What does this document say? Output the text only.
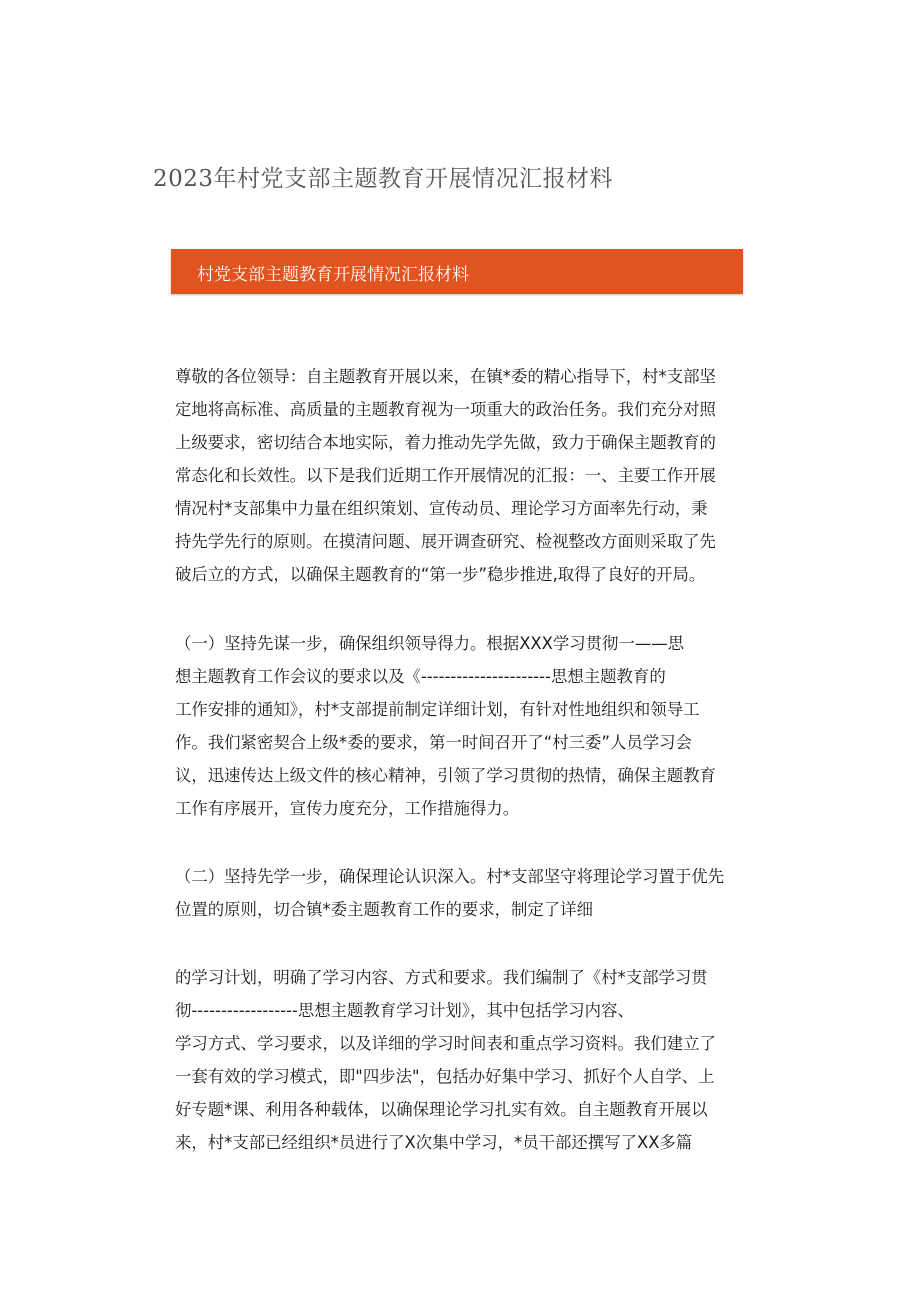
2023年村党支部主题教育开展情况汇报材料
村党支部主题教育开展情况汇报材料
尊敬的各位领导：自主题教育开展以来，在镇*委的精心指导下，村*支部坚
定地将高标准、高质量的主题教育视为一项重大的政治任务。我们充分对照
上级要求，密切结合本地实际，着力推动先学先做，致力于确保主题教育的
常态化和长效性。以下是我们近期工作开展情况的汇报：一、主要工作开展
情况村*支部集中力量在组织策划、宣传动员、理论学习方面率先行动，秉
持先学先行的原则。在摸清问题、展开调查研究、检视整改方面则采取了先
破后立的方式，以确保主题教育的“第一步”稳步推进,取得了良好的开局。
（一）坚持先谋一步，确保组织领导得力。根据XXX学习贯彻一——思
想主题教育工作会议的要求以及《----------------------思想主题教育的
工作安排的通知》，村*支部提前制定详细计划，有针对性地组织和领导工
作。我们紧密契合上级*委的要求，第一时间召开了“村三委”人员学习会
议，迅速传达上级文件的核心精神，引领了学习贯彻的热情，确保主题教育
工作有序展开，宣传力度充分，工作措施得力。
（二）坚持先学一步，确保理论认识深入。村*支部坚守将理论学习置于优先
位置的原则，切合镇*委主题教育工作的要求，制定了详细
的学习计划，明确了学习内容、方式和要求。我们编制了《村*支部学习贯
彻------------------思想主题教育学习计划》，其中包括学习内容、
学习方式、学习要求，以及详细的学习时间表和重点学习资料。我们建立了
一套有效的学习模式，即"四步法"，包括办好集中学习、抓好个人自学、上
好专题*课、利用各种载体，以确保理论学习扎实有效。自主题教育开展以
来，村*支部已经组织*员进行了X次集中学习，*员干部还撰写了XX多篇
